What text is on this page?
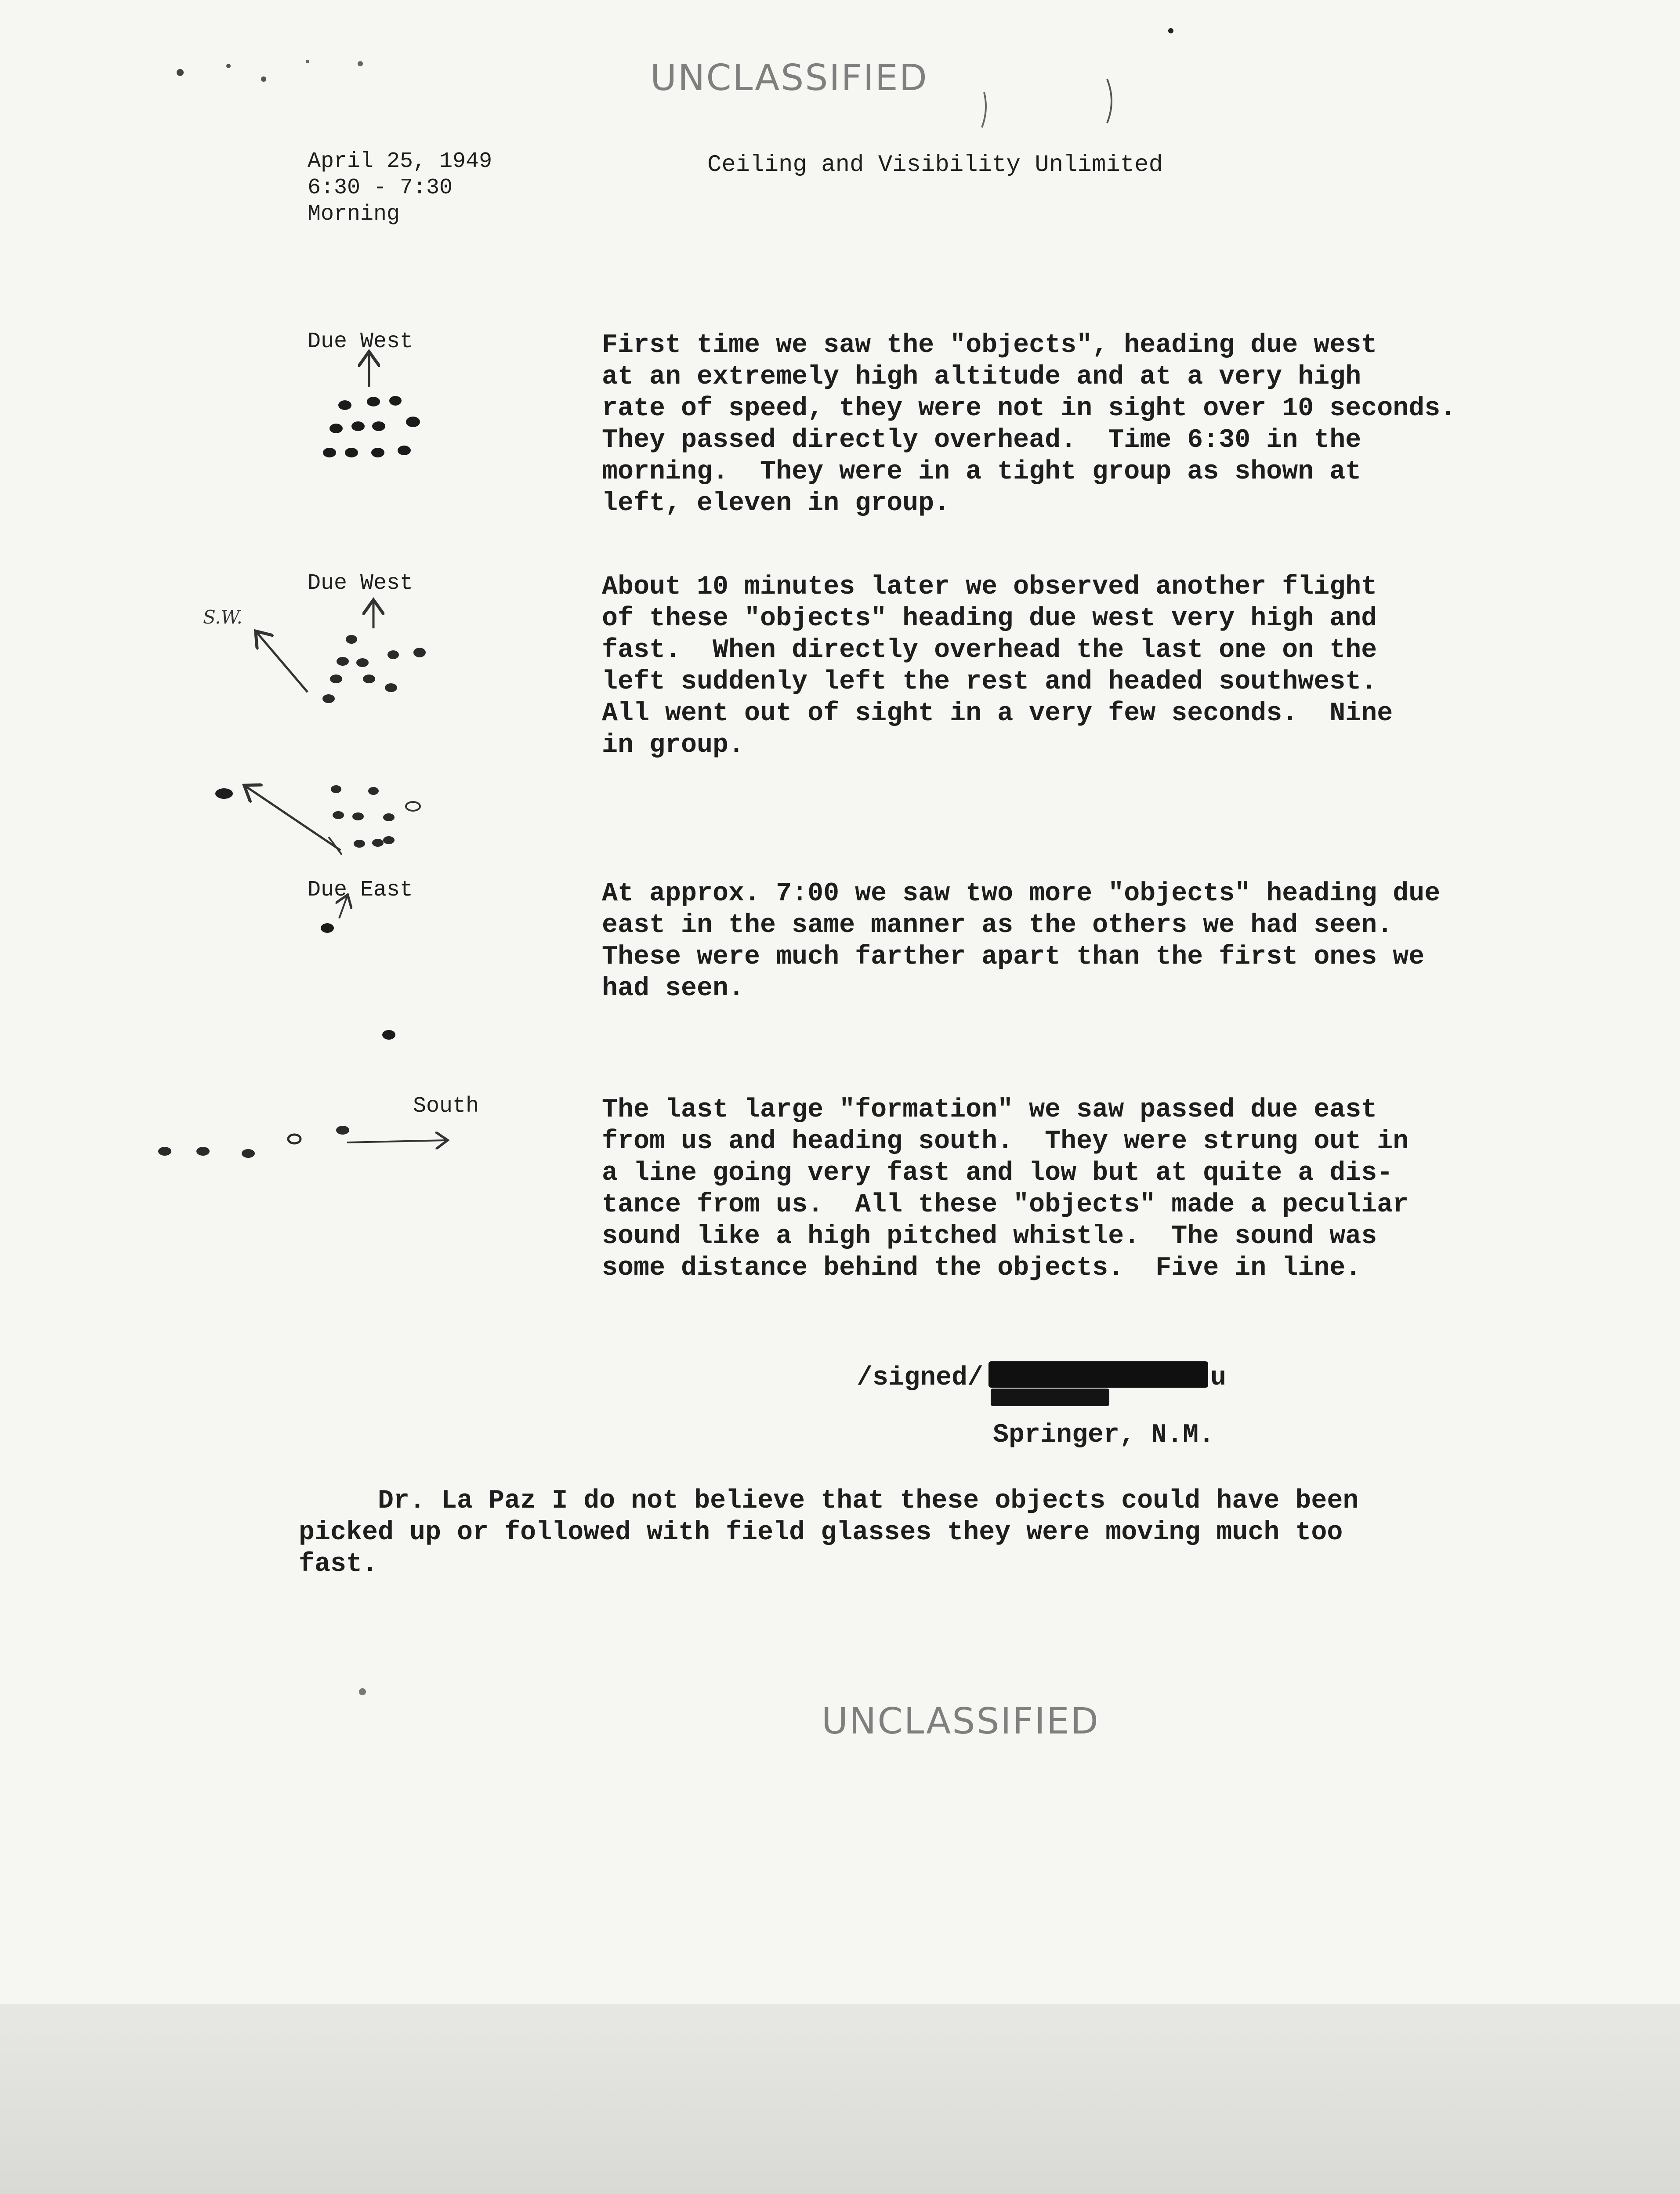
UNCLASSIFIED
April 25, 1949
6:30 - 7:30
Morning
Ceiling and Visibility Unlimited
Due West	First time we saw the "objects", heading due west
at an extremely high altitude and at a very high
rate of speed, they were not in sight over 10 seconds.
They passed directly overhead.  Time 6:30 in the
morning.  They were in a tight group as shown at
left, eleven in group.
Due West
S.W.
About 10 minutes later we observed another flight
of these "objects" heading due west very high and
fast.  When directly overhead the last one on the
left suddenly left the rest and headed southwest.
All went out of sight in a very few seconds.  Nine
in group.
Due East	At approx. 7:00 we saw two more "objects" heading due
east in the same manner as the others we had seen.
These were much farther apart than the first ones we
had seen.
South	The last large "formation" we saw passed due east
from us and heading south.  They were strung out in
a line going very fast and low but at quite a dis-
tance from us.  All these "objects" made a peculiar
sound like a high pitched whistle.  The sound was
some distance behind the objects.  Five in line.
/signed/	u
Springer, N.M.
Dr. La Paz I do not believe that these objects could have been
picked up or followed with field glasses they were moving much too
fast.
UNCLASSIFIED
